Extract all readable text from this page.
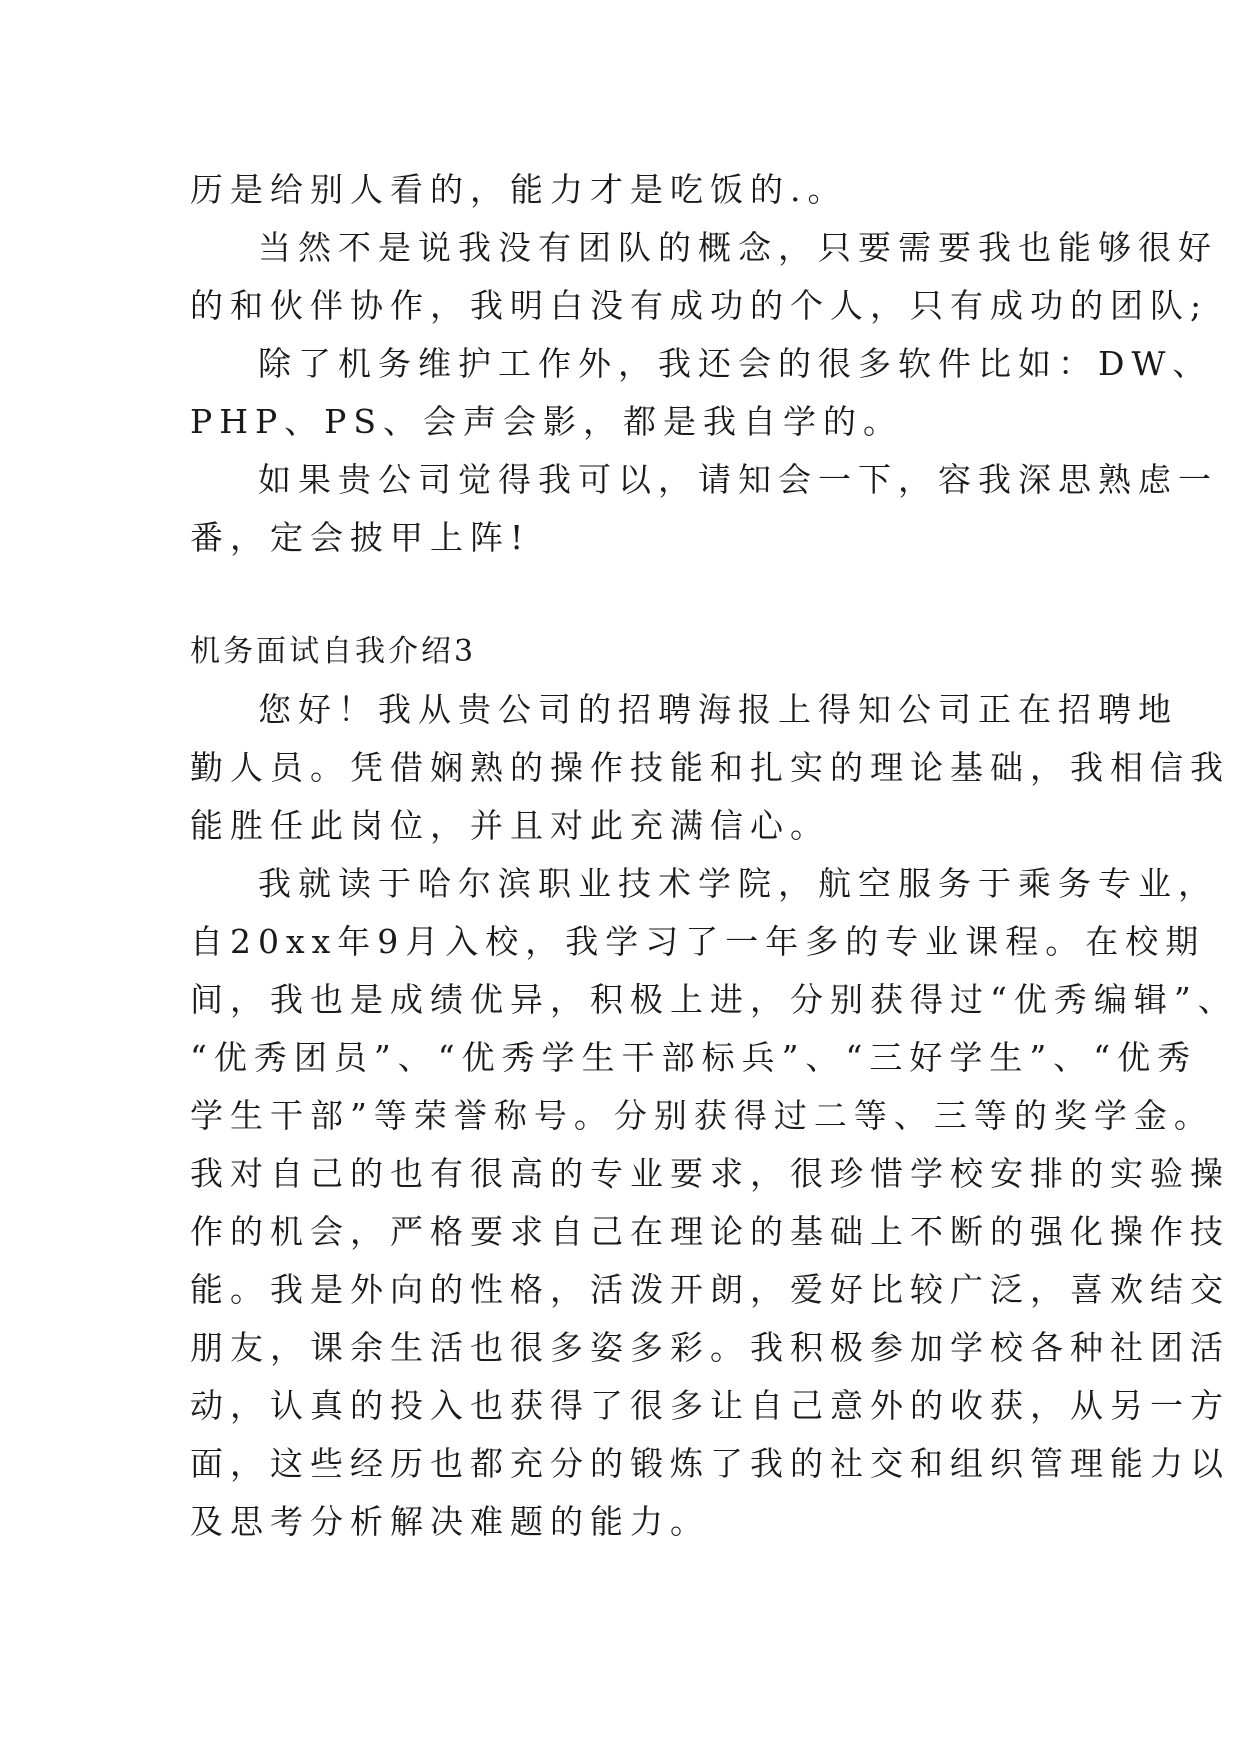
历是给别人看的，能力才是吃饭的.。
当然不是说我没有团队的概念，只要需要我也能够很好
的和伙伴协作，我明白没有成功的个人，只有成功的团队;
除了机务维护工作外，我还会的很多软件比如：DW、
PHP、PS、会声会影，都是我自学的。
如果贵公司觉得我可以，请知会一下，容我深思熟虑一
番，定会披甲上阵!
机务面试自我介绍3
您好！我从贵公司的招聘海报上得知公司正在招聘地
勤人员。凭借娴熟的操作技能和扎实的理论基础，我相信我
能胜任此岗位，并且对此充满信心。
我就读于哈尔滨职业技术学院，航空服务于乘务专业，
自20xx年9月入校，我学习了一年多的专业课程。在校期
间，我也是成绩优异，积极上进，分别获得过“优秀编辑”、
“优秀团员”、“优秀学生干部标兵”、“三好学生”、“优秀
学生干部”等荣誉称号。分别获得过二等、三等的奖学金。
我对自己的也有很高的专业要求，很珍惜学校安排的实验操
作的机会，严格要求自己在理论的基础上不断的强化操作技
能。我是外向的性格，活泼开朗，爱好比较广泛，喜欢结交
朋友，课余生活也很多姿多彩。我积极参加学校各种社团活
动，认真的投入也获得了很多让自己意外的收获，从另一方
面，这些经历也都充分的锻炼了我的社交和组织管理能力以
及思考分析解决难题的能力。
